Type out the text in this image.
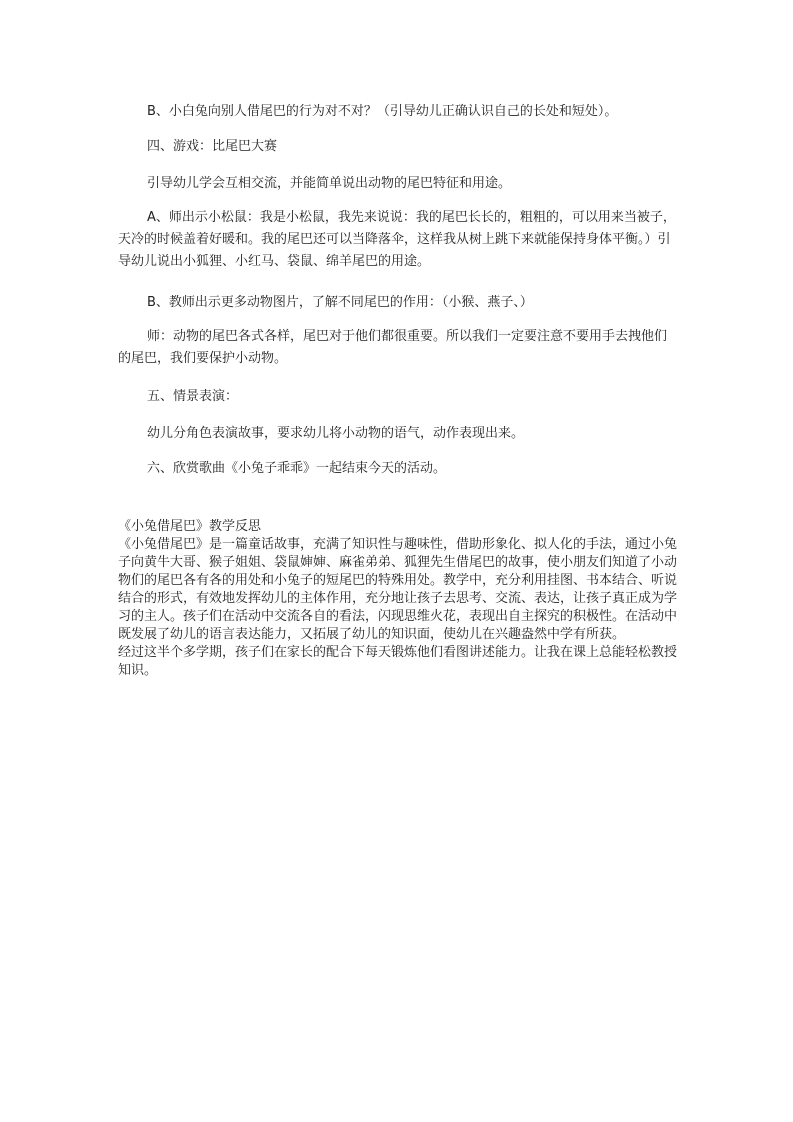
B、小白兔向别人借尾巴的行为对不对？（引导幼儿正确认识自己的长处和短处）。

四、游戏：比尾巴大赛

引导幼儿学会互相交流，并能简单说出动物的尾巴特征和用途。

A、师出示小松鼠：我是小松鼠，我先来说说：我的尾巴长长的，粗粗的，可以用来当被子，天冷的时候盖着好暖和。我的尾巴还可以当降落伞，这样我从树上跳下来就能保持身体平衡。）引导幼儿说出小狐狸、小红马、袋鼠、绵羊尾巴的用途。

B、教师出示更多动物图片，了解不同尾巴的作用：（小猴、燕子、）

师：动物的尾巴各式各样，尾巴对于他们都很重要。所以我们一定要注意不要用手去拽他们的尾巴，我们要保护小动物。

五、情景表演：

幼儿分角色表演故事，要求幼儿将小动物的语气，动作表现出来。

六、欣赏歌曲《小兔子乖乖》一起结束今天的活动。

《小兔借尾巴》教学反思

《小兔借尾巴》是一篇童话故事，充满了知识性与趣味性，借助形象化、拟人化的手法，通过小兔子向黄牛大哥、猴子姐姐、袋鼠婶婶、麻雀弟弟、狐狸先生借尾巴的故事，使小朋友们知道了小动物们的尾巴各有各的用处和小兔子的短尾巴的特殊用处。教学中，充分利用挂图、书本结合、听说结合的形式，有效地发挥幼儿的主体作用，充分地让孩子去思考、交流、表达，让孩子真正成为学习的主人。孩子们在活动中交流各自的看法，闪现思维火花，表现出自主探究的积极性。在活动中既发展了幼儿的语言表达能力，又拓展了幼儿的知识面，使幼儿在兴趣盎然中学有所获。

经过这半个多学期，孩子们在家长的配合下每天锻炼他们看图讲述能力。让我在课上总能轻松教授知识。
